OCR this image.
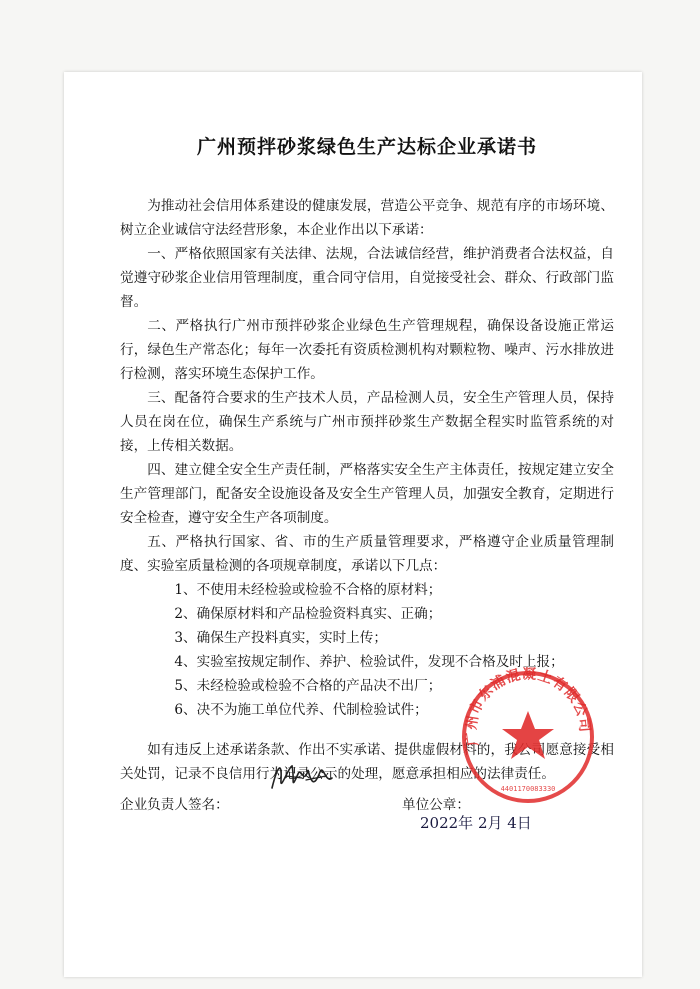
广州预拌砂浆绿色生产达标企业承诺书

为推动社会信用体系建设的健康发展，营造公平竞争、规范有序的市场环境、树立企业诚信守法经营形象，本企业作出以下承诺：

一、严格依照国家有关法律、法规，合法诚信经营，维护消费者合法权益，自觉遵守砂浆企业信用管理制度，重合同守信用，自觉接受社会、群众、行政部门监督。

二、严格执行广州市预拌砂浆企业绿色生产管理规程，确保设备设施正常运行，绿色生产常态化；每年一次委托有资质检测机构对颗粒物、噪声、污水排放进行检测，落实环境生态保护工作。

三、配备符合要求的生产技术人员，产品检测人员，安全生产管理人员，保持人员在岗在位，确保生产系统与广州市预拌砂浆生产数据全程实时监管系统的对接，上传相关数据。

四、建立健全安全生产责任制，严格落实安全生产主体责任，按规定建立安全生产管理部门，配备安全设施设备及安全生产管理人员，加强安全教育，定期进行安全检查，遵守安全生产各项制度。

五、严格执行国家、省、市的生产质量管理要求，严格遵守企业质量管理制度、实验室质量检测的各项规章制度，承诺以下几点：

1、不使用未经检验或检验不合格的原材料；

2、确保原材料和产品检验资料真实、正确；

3、确保生产投料真实，实时上传；

4、实验室按规定制作、养护、检验试件，发现不合格及时上报；

5、未经检验或检验不合格的产品决不出厂；

6、决不为施工单位代养、代制检验试件；

如有违反上述承诺条款、作出不实承诺、提供虚假材料的，我公司愿意接受相关处罚，记录不良信用行为记录公示的处理，愿意承担相应的法律责任。

企业负责人签名：	单位公章：
广州市东浦混凝土有限公司
4401170083330
2022年 2月 4日
